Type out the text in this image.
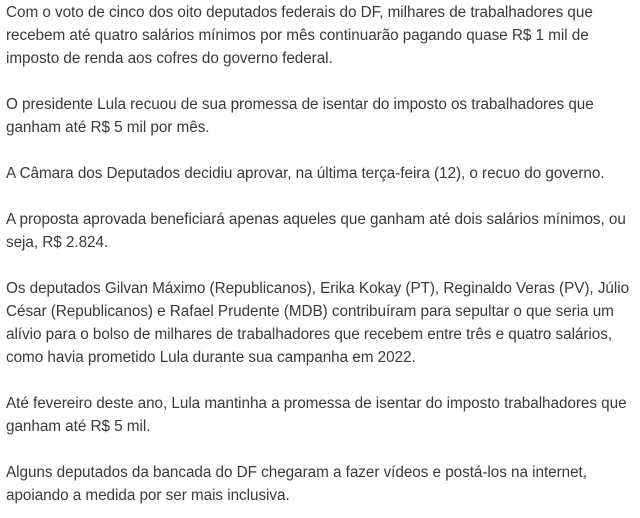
Com o voto de cinco dos oito deputados federais do DF, milhares de trabalhadores que recebem até quatro salários mínimos por mês continuarão pagando quase R$ 1 mil de imposto de renda aos cofres do governo federal.

O presidente Lula recuou de sua promessa de isentar do imposto os trabalhadores que ganham até R$ 5 mil por mês.

A Câmara dos Deputados decidiu aprovar, na última terça-feira (12), o recuo do governo.

A proposta aprovada beneficiará apenas aqueles que ganham até dois salários mínimos, ou seja, R$ 2.824.

Os deputados Gilvan Máximo (Republicanos), Erika Kokay (PT), Reginaldo Veras (PV), Júlio César (Republicanos) e Rafael Prudente (MDB) contribuíram para sepultar o que seria um alívio para o bolso de milhares de trabalhadores que recebem entre três e quatro salários, como havia prometido Lula durante sua campanha em 2022.

Até fevereiro deste ano, Lula mantinha a promessa de isentar do imposto trabalhadores que ganham até R$ 5 mil.

Alguns deputados da bancada do DF chegaram a fazer vídeos e postá-los na internet, apoiando a medida por ser mais inclusiva.
